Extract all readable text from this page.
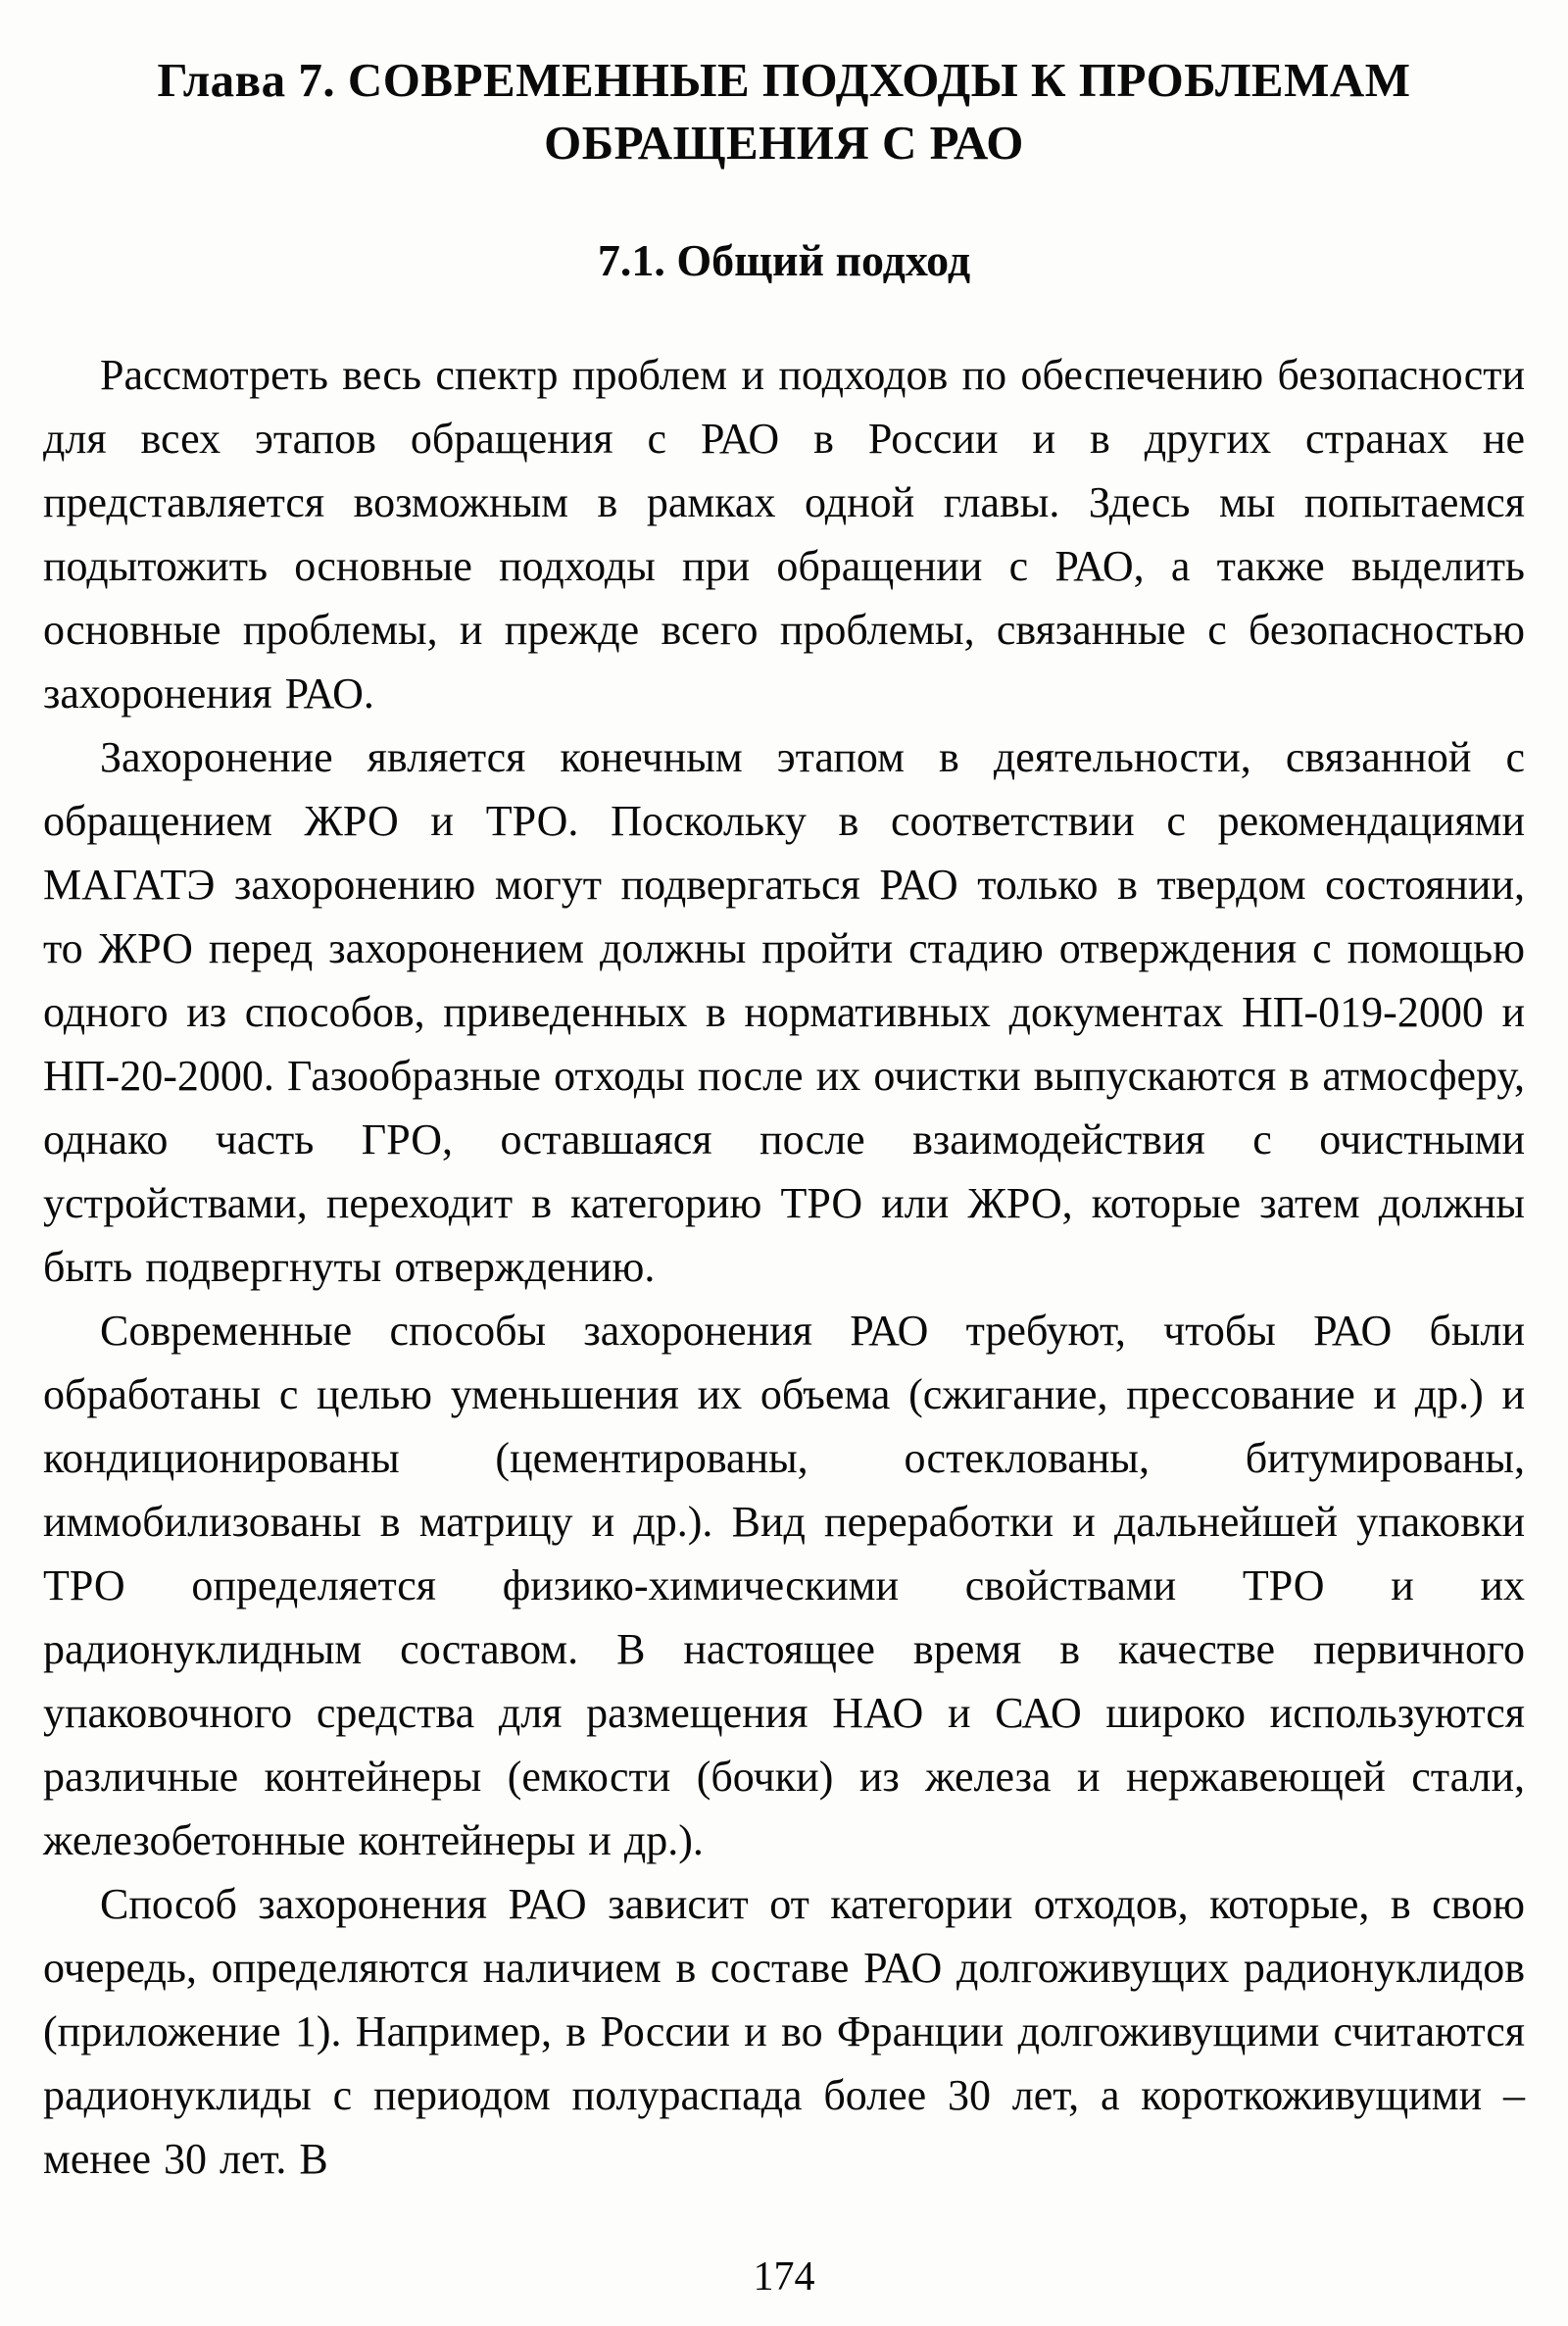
Глава 7. СОВРЕМЕННЫЕ ПОДХОДЫ К ПРОБЛЕМАМ ОБРАЩЕНИЯ С РАО
7.1. Общий подход

Рассмотреть весь спектр проблем и подходов по обеспечению безопасности для всех этапов обращения с РАО в России и в других странах не представляется возможным в рамках одной главы. Здесь мы попытаемся подытожить основные подходы при обращении с РАО, а также выделить основные проблемы, и прежде всего проблемы, связанные с безопасностью захоронения РАО.

Захоронение является конечным этапом в деятельности, связанной с обращением ЖРО и ТРО. Поскольку в соответствии с рекомендациями МАГАТЭ захоронению могут подвергаться РАО только в твердом состоянии, то ЖРО перед захоронением должны пройти стадию отверждения с помощью одного из способов, приведенных в нормативных документах НП-019-2000 и НП-20-2000. Газообразные отходы после их очистки выпускаются в атмосферу, однако часть ГРО, оставшаяся после взаимодействия с очистными устройствами, переходит в категорию ТРО или ЖРО, которые затем должны быть подвергнуты отверждению.

Современные способы захоронения РАО требуют, чтобы РАО были обработаны с целью уменьшения их объема (сжигание, прессование и др.) и кондиционированы (цементированы, остеклованы, битумированы, иммобилизованы в матрицу и др.). Вид переработки и дальнейшей упаковки ТРО определяется физико-химическими свойствами ТРО и их радионуклидным составом. В настоящее время в качестве первичного упаковочного средства для размещения НАО и САО широко используются различные контейнеры (емкости (бочки) из железа и нержавеющей стали, железобетонные контейнеры и др.).

Способ захоронения РАО зависит от категории отходов, которые, в свою очередь, определяются наличием в составе РАО долгоживущих радионуклидов (приложение 1). Например, в России и во Франции долгоживущими считаются радионуклиды с периодом полураспада более 30 лет, а короткоживущими – менее 30 лет. В

174
